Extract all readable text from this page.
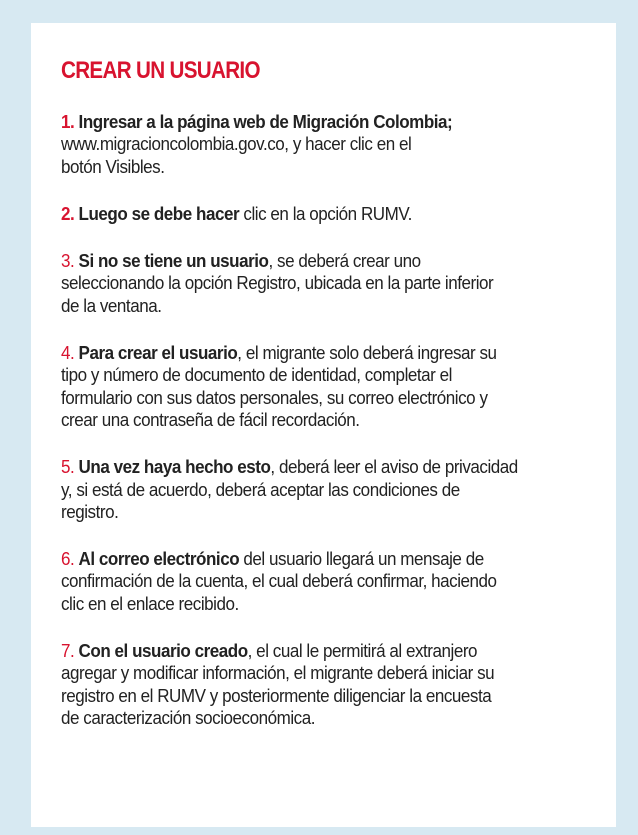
CREAR UN USUARIO

1. Ingresar a la página web de Migración Colombia;
www.migracioncolombia.gov.co, y hacer clic en el
botón Visibles.

2. Luego se debe hacer clic en la opción RUMV.

3. Si no se tiene un usuario, se deberá crear uno
seleccionando la opción Registro, ubicada en la parte inferior
de la ventana.

4. Para crear el usuario, el migrante solo deberá ingresar su
tipo y número de documento de identidad, completar el
formulario con sus datos personales, su correo electrónico y
crear una contraseña de fácil recordación.

5. Una vez haya hecho esto, deberá leer el aviso de privacidad
y, si está de acuerdo, deberá aceptar las condiciones de
registro.

6. Al correo electrónico del usuario llegará un mensaje de
confirmación de la cuenta, el cual deberá confirmar, haciendo
clic en el enlace recibido.

7. Con el usuario creado, el cual le permitirá al extranjero
agregar y modificar información, el migrante deberá iniciar su
registro en el RUMV y posteriormente diligenciar la encuesta
de caracterización socioeconómica.
